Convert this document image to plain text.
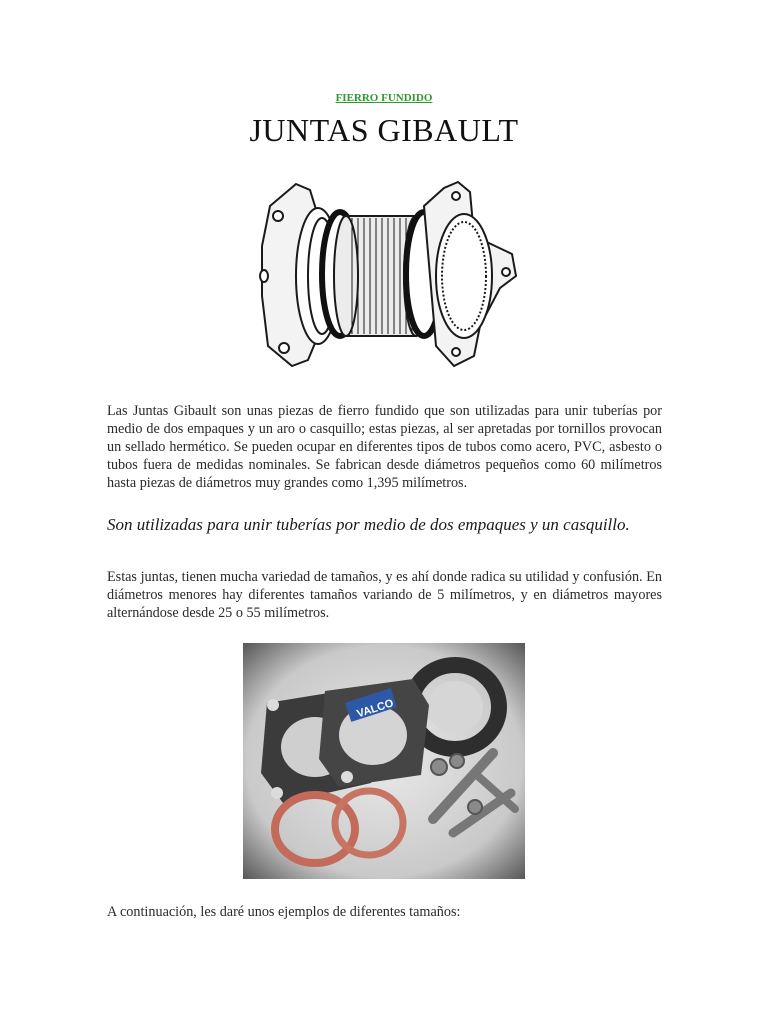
FIERRO FUNDIDO
JUNTAS GIBAULT

Las Juntas Gibault son unas piezas de fierro fundido que son utilizadas para unir tuberías por medio de dos empaques y un aro o casquillo; estas piezas, al ser apretadas por tornillos provocan un sellado hermético. Se pueden ocupar en diferentes tipos de tubos como acero, PVC, asbesto o tubos fuera de medidas nominales. Se fabrican desde diámetros pequeños como 60 milímetros hasta piezas de diámetros muy grandes como 1,395 milímetros.

Son utilizadas para unir tuberías por medio de dos empaques y un casquillo.

Estas juntas, tienen mucha variedad de tamaños, y es ahí donde radica su utilidad y confusión. En diámetros menores hay diferentes tamaños variando de 5 milímetros, y en diámetros mayores alternándose desde 25 o 55 milímetros.

VALCO

A continuación, les daré unos ejemplos de diferentes tamaños:
